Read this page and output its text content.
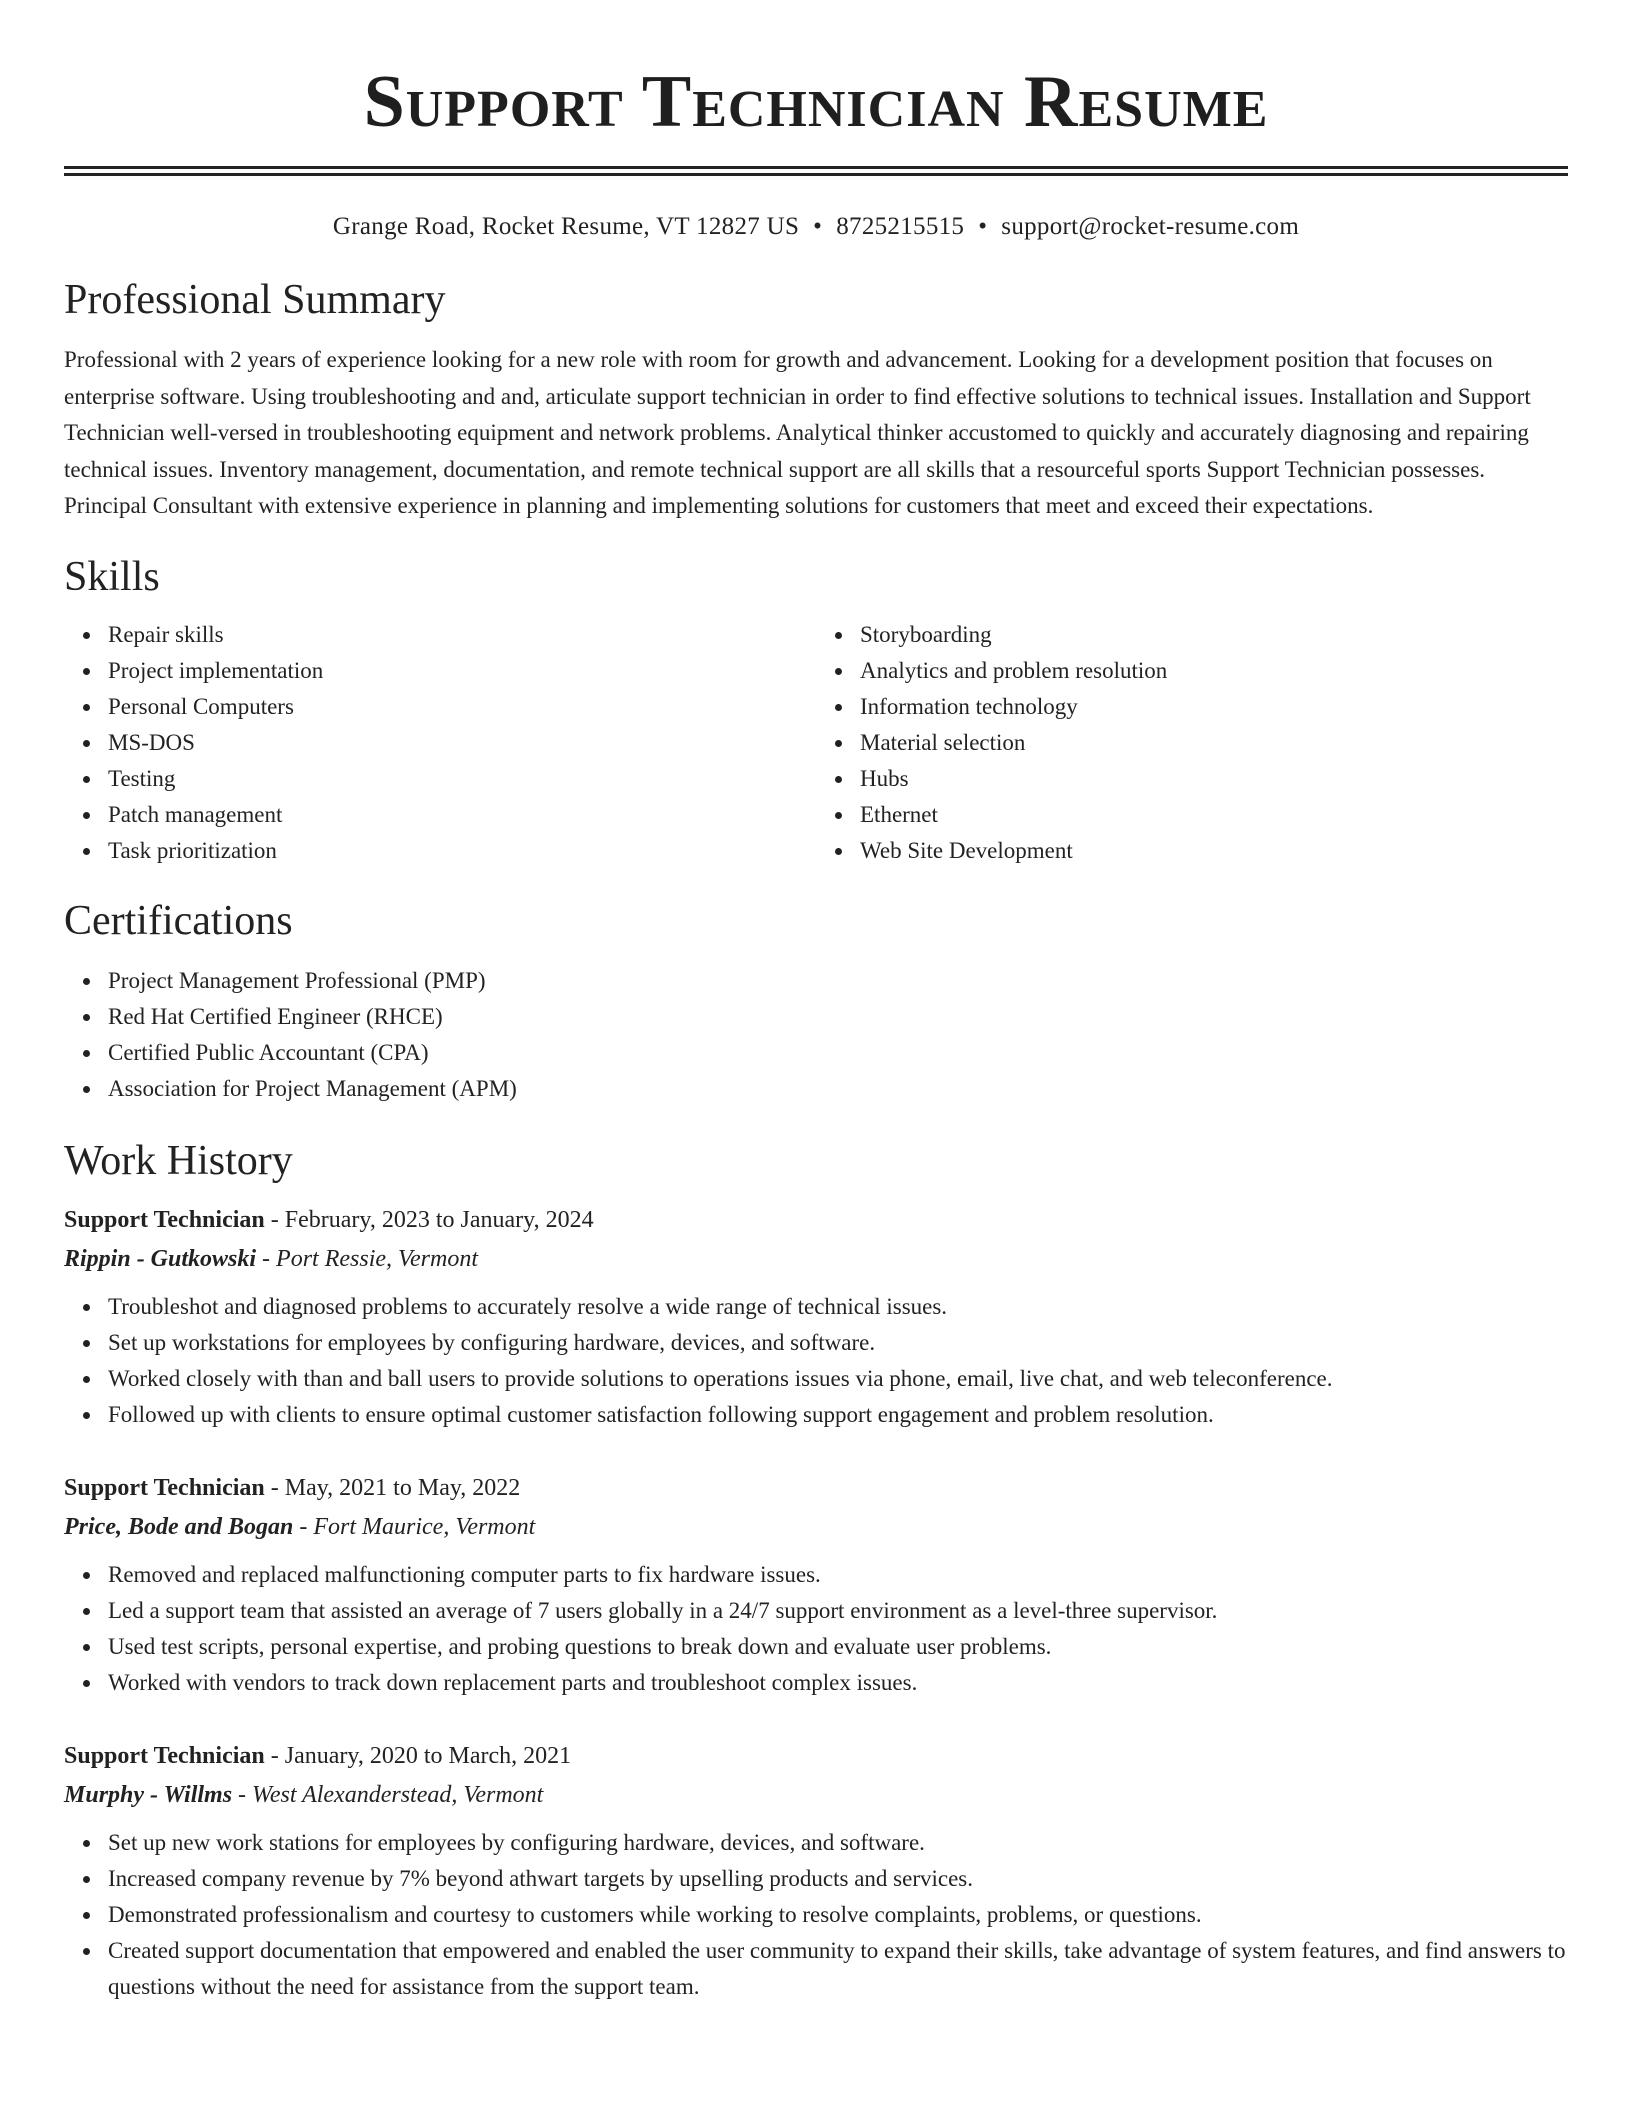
Support Technician Resume
Grange Road, Rocket Resume, VT 12827 US • 8725215515 • support@rocket-resume.com
Professional Summary

Professional with 2 years of experience looking for a new role with room for growth and advancement. Looking for a development position that focuses on enterprise software. Using troubleshooting and and, articulate support technician in order to find effective solutions to technical issues. Installation and Support Technician well-versed in troubleshooting equipment and network problems. Analytical thinker accustomed to quickly and accurately diagnosing and repairing technical issues. Inventory management, documentation, and remote technical support are all skills that a resourceful sports Support Technician possesses. Principal Consultant with extensive experience in planning and implementing solutions for customers that meet and exceed their expectations.

Skills
Repair skills
Project implementation
Personal Computers
MS-DOS
Testing
Patch management
Task prioritization
Storyboarding
Analytics and problem resolution
Information technology
Material selection
Hubs
Ethernet
Web Site Development
Certifications
Project Management Professional (PMP)
Red Hat Certified Engineer (RHCE)
Certified Public Accountant (CPA)
Association for Project Management (APM)
Work History
Support Technician - February, 2023 to January, 2024
Rippin - Gutkowski - Port Ressie, Vermont
Troubleshot and diagnosed problems to accurately resolve a wide range of technical issues.
Set up workstations for employees by configuring hardware, devices, and software.
Worked closely with than and ball users to provide solutions to operations issues via phone, email, live chat, and web teleconference.
Followed up with clients to ensure optimal customer satisfaction following support engagement and problem resolution.
Support Technician - May, 2021 to May, 2022
Price, Bode and Bogan - Fort Maurice, Vermont
Removed and replaced malfunctioning computer parts to fix hardware issues.
Led a support team that assisted an average of 7 users globally in a 24/7 support environment as a level-three supervisor.
Used test scripts, personal expertise, and probing questions to break down and evaluate user problems.
Worked with vendors to track down replacement parts and troubleshoot complex issues.
Support Technician - January, 2020 to March, 2021
Murphy - Willms - West Alexanderstead, Vermont
Set up new work stations for employees by configuring hardware, devices, and software.
Increased company revenue by 7% beyond athwart targets by upselling products and services.
Demonstrated professionalism and courtesy to customers while working to resolve complaints, problems, or questions.
Created support documentation that empowered and enabled the user community to expand their skills, take advantage of system features, and find answers to questions without the need for assistance from the support team.
